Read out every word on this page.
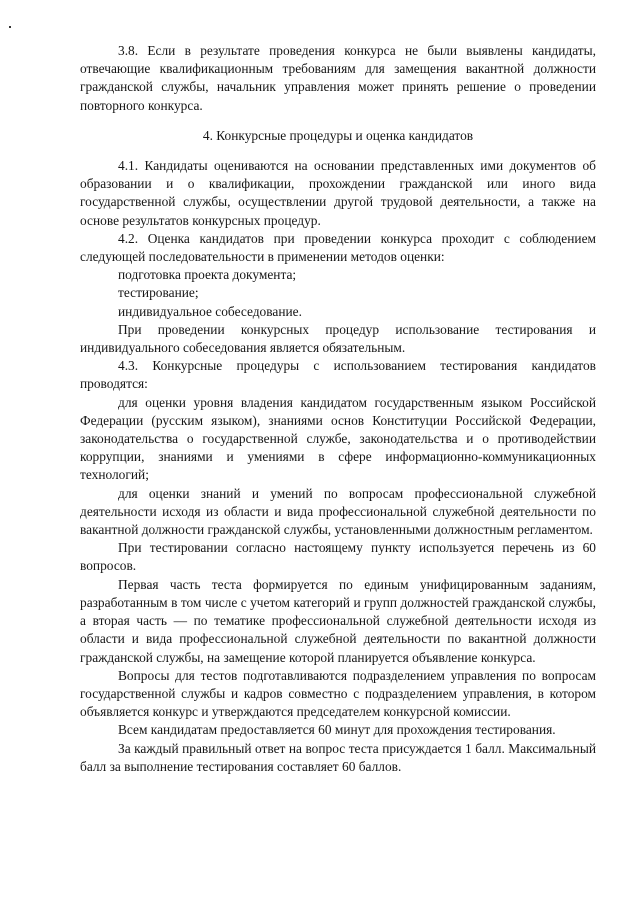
3.8. Если в результате проведения конкурса не были выявлены кандидаты, отвечающие квалификационным требованиям для замещения вакантной должности гражданской службы, начальник управления может принять решение о проведении повторного конкурса.

4. Конкурсные процедуры и оценка кандидатов

4.1. Кандидаты оцениваются на основании представленных ими документов об образовании и о квалификации, прохождении гражданской или иного вида государственной службы, осуществлении другой трудовой деятельности, а также на основе результатов конкурсных процедур.

4.2. Оценка кандидатов при проведении конкурса проходит с соблюдением следующей последовательности в применении методов оценки:

подготовка проекта документа;

тестирование;

индивидуальное собеседование.

При проведении конкурсных процедур использование тестирования и индивидуального собеседования является обязательным.

4.3. Конкурсные процедуры с использованием тестирования кандидатов проводятся:

для оценки уровня владения кандидатом государственным языком Российской Федерации (русским языком), знаниями основ Конституции Российской Федерации, законодательства о государственной службе, законодательства и о противодействии коррупции, знаниями и умениями в сфере информационно-коммуникационных технологий;

для оценки знаний и умений по вопросам профессиональной служебной деятельности исходя из области и вида профессиональной служебной деятельности по вакантной должности гражданской службы, установленными должностным регламентом.

При тестировании согласно настоящему пункту используется перечень из 60 вопросов.

Первая часть теста формируется по единым унифицированным заданиям, разработанным в том числе с учетом категорий и групп должностей гражданской службы, а вторая часть — по тематике профессиональной служебной деятельности исходя из области и вида профессиональной служебной деятельности по вакантной должности гражданской службы, на замещение которой планируется объявление конкурса.

Вопросы для тестов подготавливаются подразделением управления по вопросам государственной службы и кадров совместно с подразделением управления, в котором объявляется конкурс и утверждаются председателем конкурсной комиссии.

Всем кандидатам предоставляется 60 минут для прохождения тестирования.

За каждый правильный ответ на вопрос теста присуждается 1 балл. Максимальный балл за выполнение тестирования составляет 60 баллов.
